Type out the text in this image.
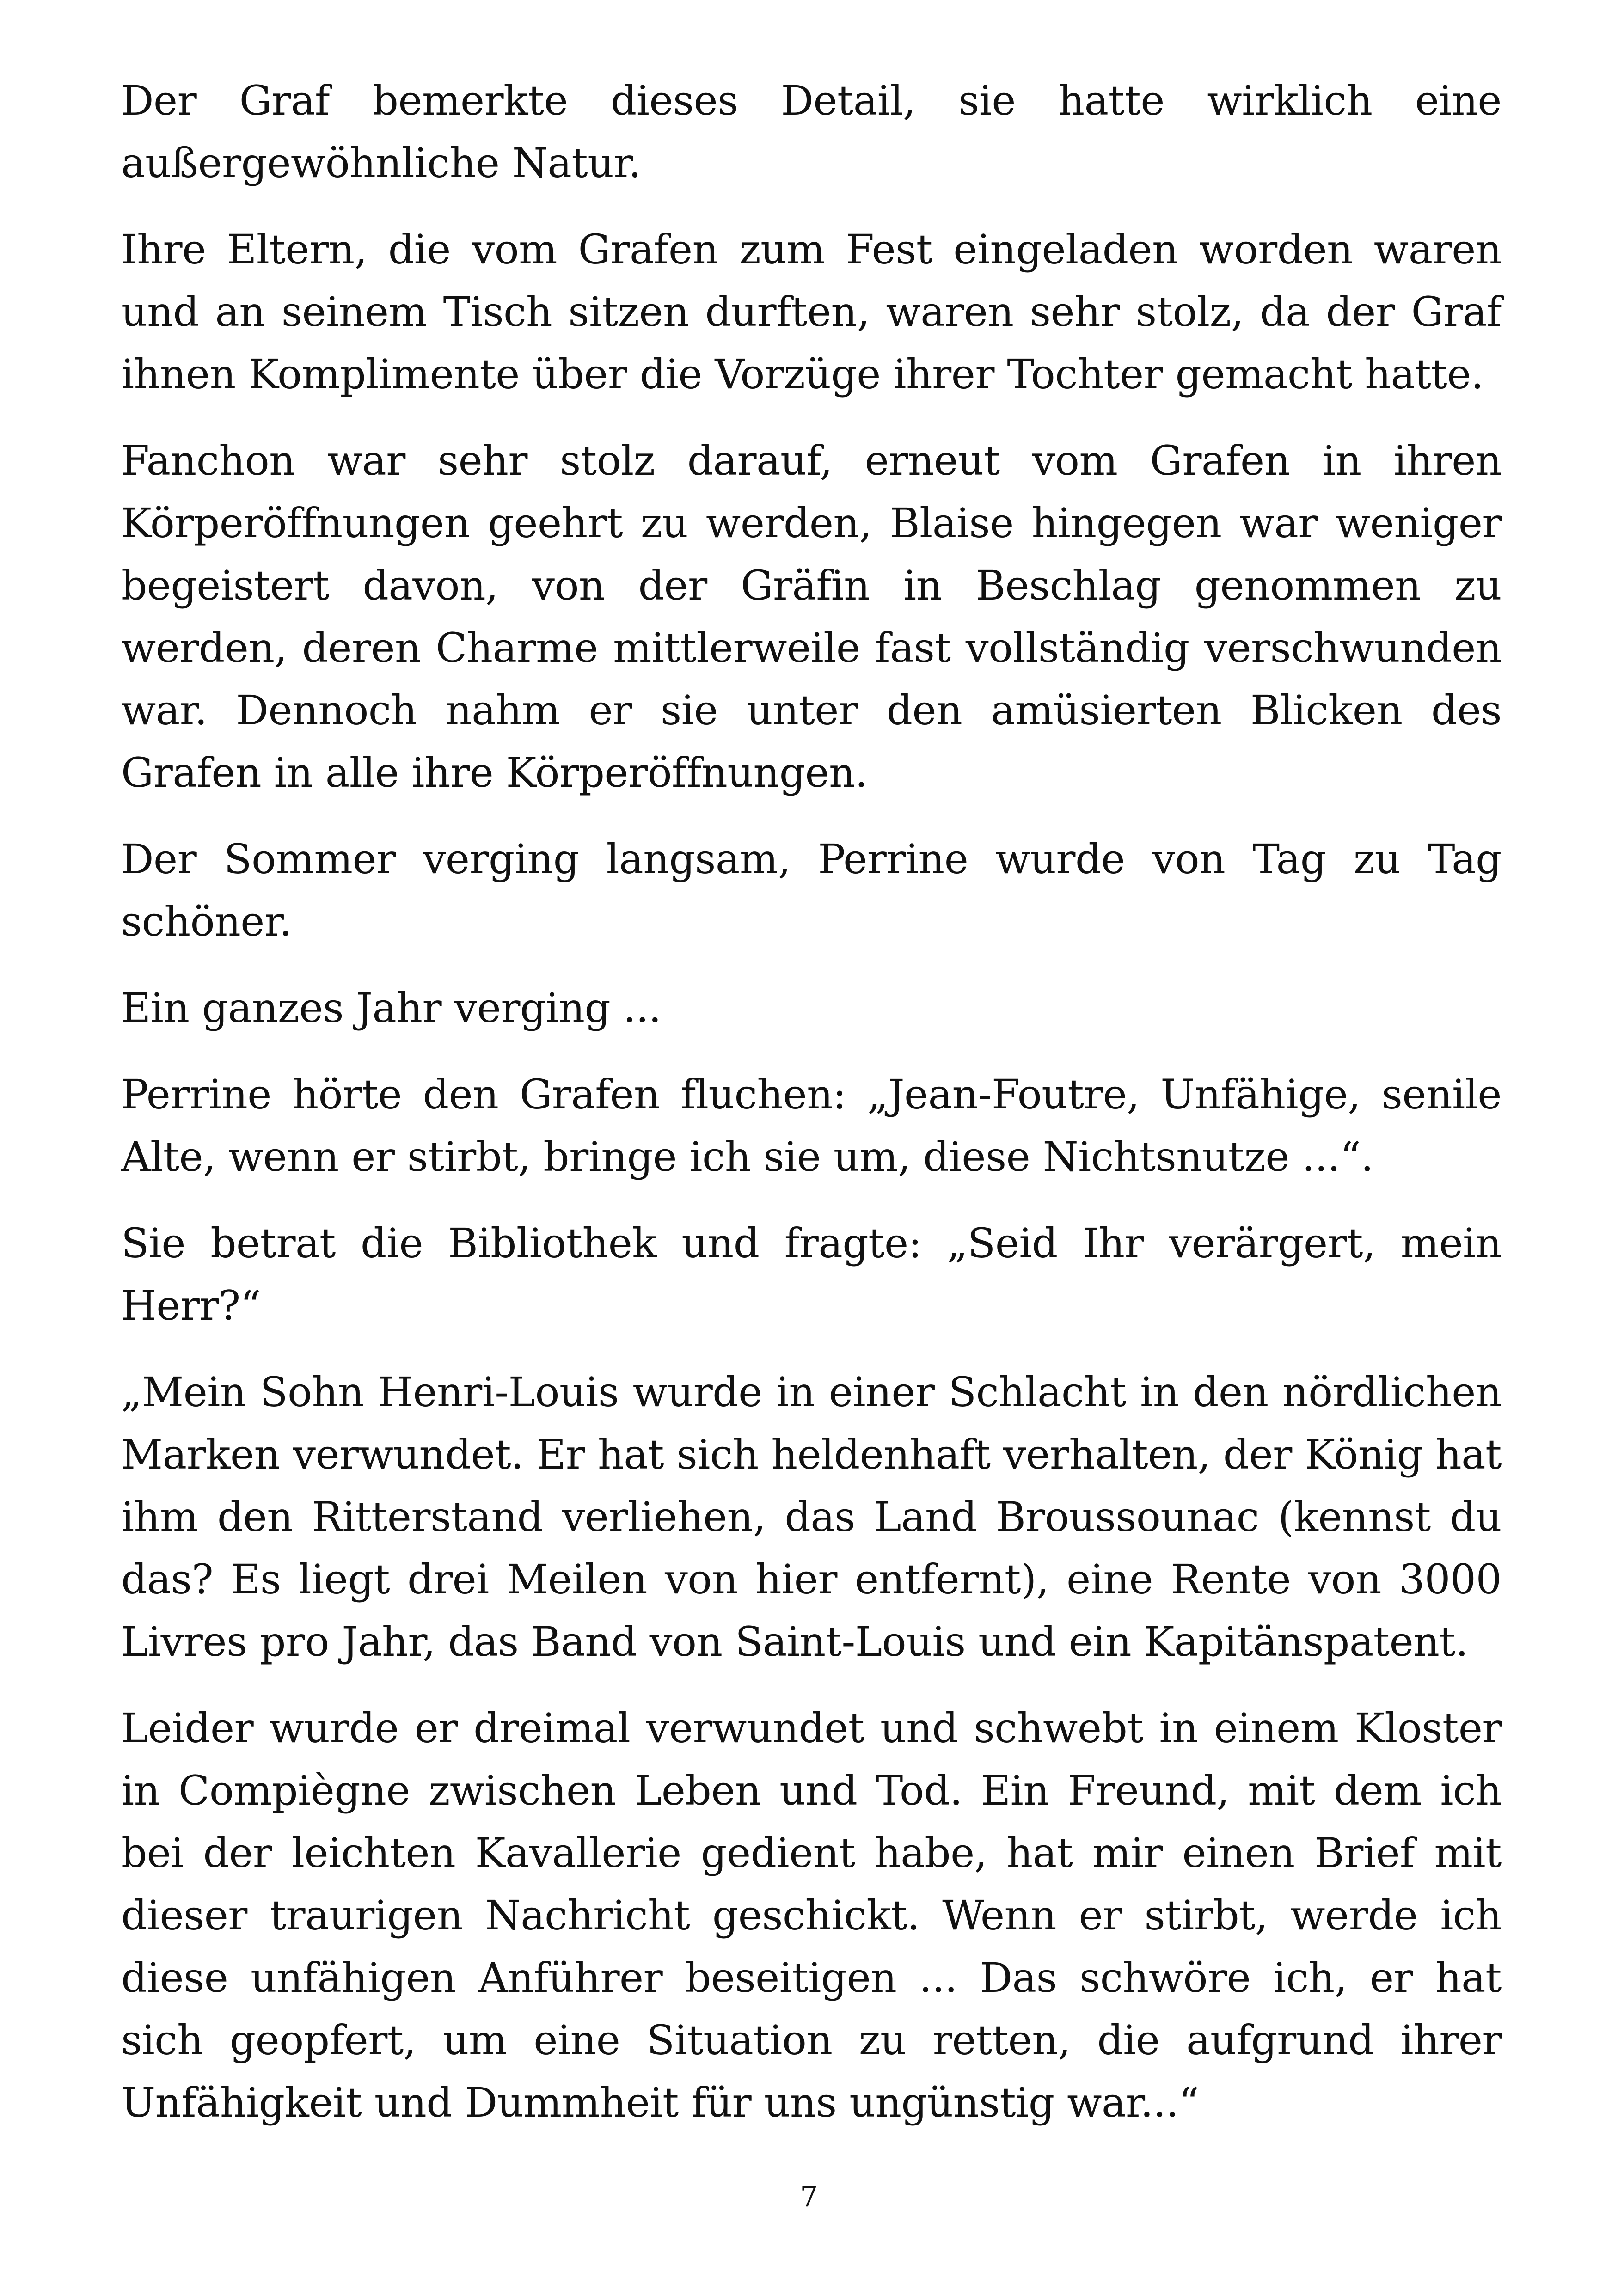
Der Graf bemerkte dieses Detail, sie hatte wirklich eine außergewöhnliche Natur.

Ihre Eltern, die vom Grafen zum Fest eingeladen worden waren und an seinem Tisch sitzen durften, waren sehr stolz, da der Graf ihnen Komplimente über die Vorzüge ihrer Tochter gemacht hatte.

Fanchon war sehr stolz darauf, erneut vom Grafen in ihren Körperöffnungen geehrt zu werden, Blaise hingegen war weniger begeistert davon, von der Gräfin in Beschlag genommen zu werden, deren Charme mittlerweile fast vollständig verschwunden war. Dennoch nahm er sie unter den amüsierten Blicken des Grafen in alle ihre Körperöffnungen.

Der Sommer verging langsam, Perrine wurde von Tag zu Tag schöner.

Ein ganzes Jahr verging ...

Perrine hörte den Grafen fluchen: „Jean-Foutre, Unfähige, senile Alte, wenn er stirbt, bringe ich sie um, diese Nichtsnutze ...“.

Sie betrat die Bibliothek und fragte: „Seid Ihr verärgert, mein Herr?“

„Mein Sohn Henri-Louis wurde in einer Schlacht in den nördlichen Marken verwundet. Er hat sich heldenhaft verhalten, der König hat ihm den Ritterstand verliehen, das Land Broussounac (kennst du das? Es liegt drei Meilen von hier entfernt), eine Rente von 3000 Livres pro Jahr, das Band von Saint-Louis und ein Kapitänspatent.

Leider wurde er dreimal verwundet und schwebt in einem Kloster in Compiègne zwischen Leben und Tod. Ein Freund, mit dem ich bei der leichten Kavallerie gedient habe, hat mir einen Brief mit dieser traurigen Nachricht geschickt. Wenn er stirbt, werde ich diese unfähigen Anführer beseitigen ... Das schwöre ich, er hat sich geopfert, um eine Situation zu retten, die aufgrund ihrer Unfähigkeit und Dummheit für uns ungünstig war...“

7
